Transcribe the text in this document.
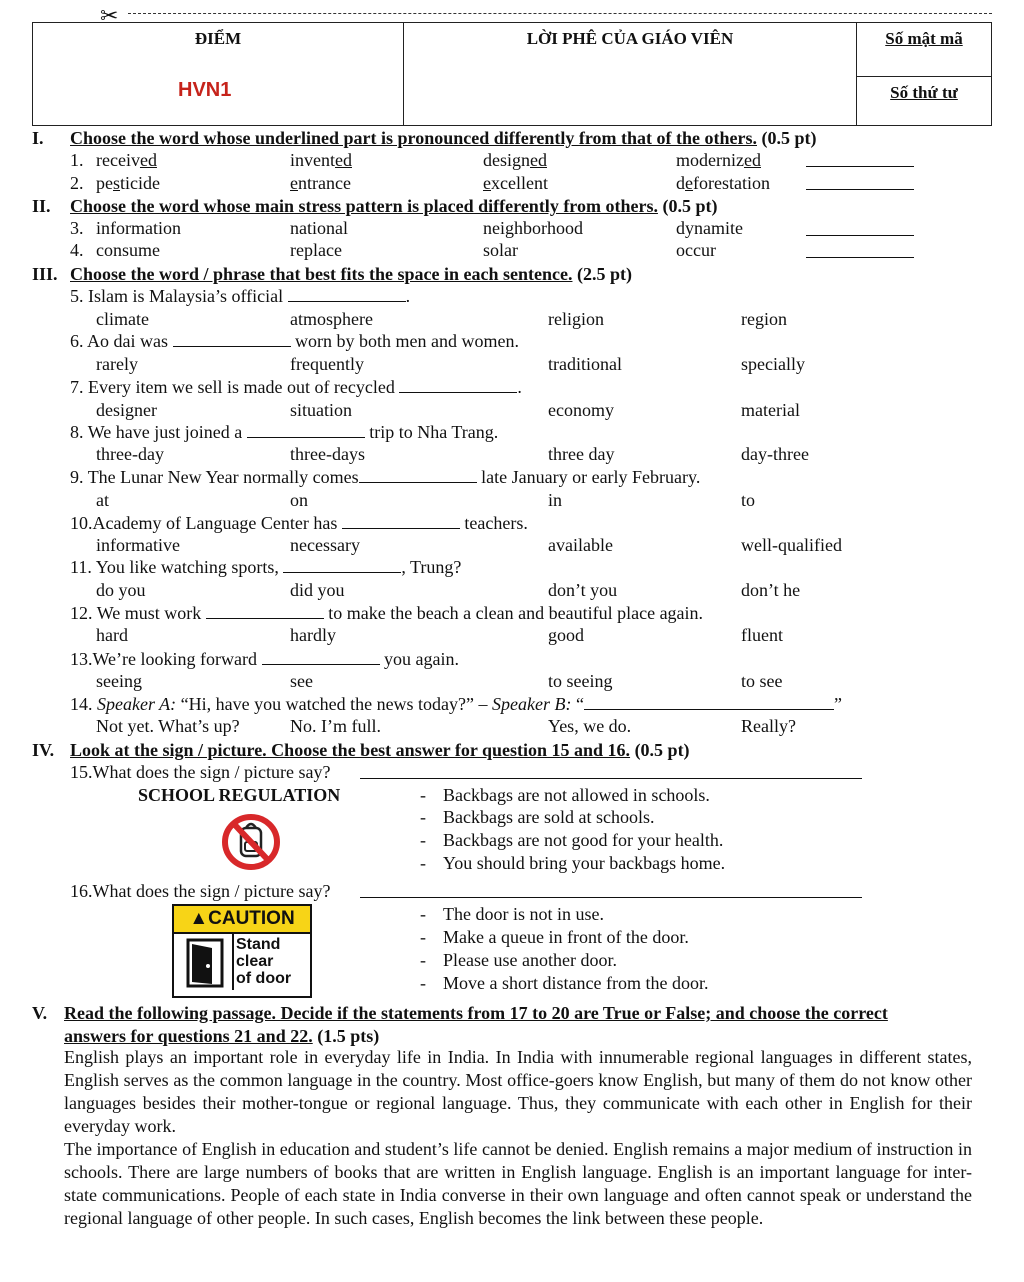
✂
ĐIỂM	LỜI PHÊ CỦA GIÁO VIÊN	Số mật mã

Số thứ tư
HVN1
I. Choose the word whose underlined part is pronounced differently from that of the others. (0.5 pt)
1. received	invented	designed	modernized
2. pesticide	entrance	excellent	deforestation
II. Choose the word whose main stress pattern is placed differently from others. (0.5 pt)
3. information	national	neighborhood	dynamite
4. consume	replace	solar	occur
III. Choose the word / phrase that best fits the space in each sentence. (2.5 pt)
5. Islam is Malaysia’s official	.
climate	atmosphere	religion	region
6. Ao dai was	worn by both men and women.
rarely	frequently	traditional	specially
7. Every item we sell is made out of recycled	.
designer	situation	economy	material
8. We have just joined a	trip to Nha Trang.
three-day	three-days	three day	day-three
9. The Lunar New Year normally comes	late January or early February.
at	on	in	to
10.Academy of Language Center has	teachers.
informative	necessary	available	well-qualified
11. You like watching sports,	, Trung?
do you	did you	don’t you	don’t he
12. We must work	to make the beach a clean and beautiful place again.
hard	hardly	good	fluent
13.We’re looking forward	you again.
seeing	see	to seeing	to see
14. Speaker A: “Hi, have you watched the news today?” – Speaker B: “	”
Not yet. What’s up?	No. I’m full.	Yes, we do.	Really?
IV. Look at the sign / picture. Choose the best answer for question 15 and 16. (0.5 pt)
15.What does the sign / picture say?
SCHOOL REGULATION	- Backbags are not allowed in schools.
- Backbags are sold at schools.
- Backbags are not good for your health.
- You should bring your backbags home.
16.What does the sign / picture say?
▲CAUTION
Stand
clear
of door
- The door is not in use.
- Make a queue in front of the door.
- Please use another door.
- Move a short distance from the door.
V. Read the following passage. Decide if the statements from 17 to 20 are True or False; and choose the correct
answers for questions 21 and 22. (1.5 pts)
English plays an important role in everyday life in India. In India with innumerable regional languages in different states, English serves as the common language in the country. Most office-goers know English, but many of them do not know other languages besides their mother-tongue or regional language. Thus, they communicate with each other in English for their everyday work.
The importance of English in education and student’s life cannot be denied. English remains a major medium of instruction in schools. There are large numbers of books that are written in English language. English is an important language for inter-state communications. People of each state in India converse in their own language and often cannot speak or understand the regional language of other people. In such cases, English becomes the link between these people.
